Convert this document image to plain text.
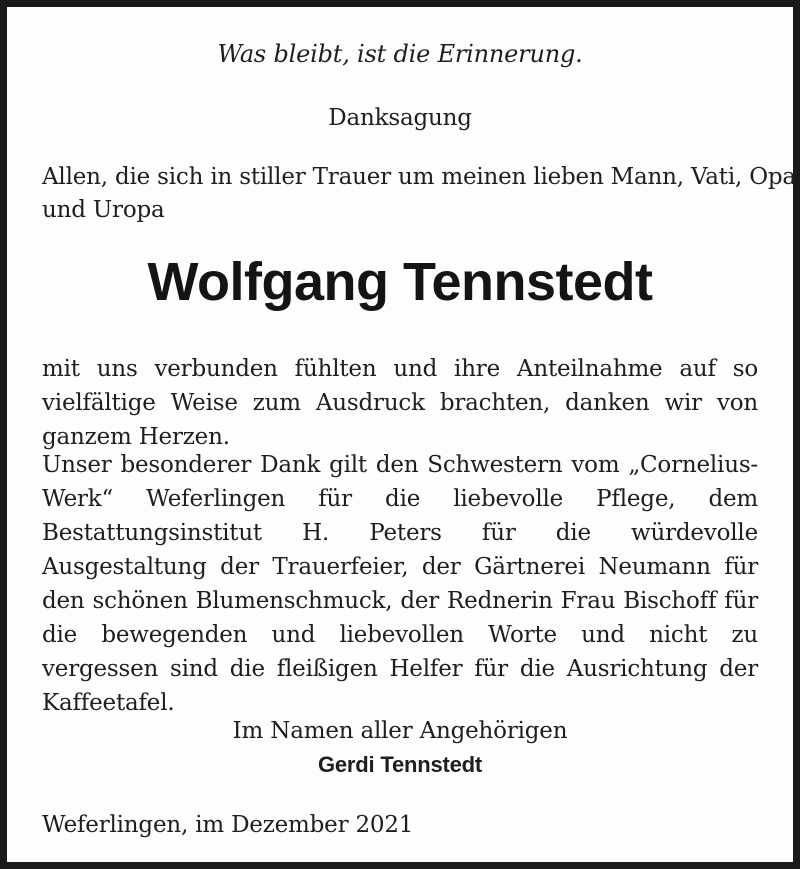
Was bleibt, ist die Erinnerung.
Danksagung
Allen, die sich in stiller Trauer um meinen lieben Mann, Vati, Opa
und Uropa
Wolfgang Tennstedt
mit uns verbunden fühlten und ihre Anteilnahme auf so vielfältige Weise zum Ausdruck brachten, danken wir von ganzem Herzen.
Unser besonderer Dank gilt den Schwestern vom „Cornelius-Werk“ Weferlingen für die liebevolle Pflege, dem Bestattungsinstitut H. Peters für die würdevolle Ausgestaltung der Trauerfeier, der Gärtnerei Neumann für den schönen Blumenschmuck, der Rednerin Frau Bischoff für die bewegenden und liebevollen Worte und nicht zu vergessen sind die fleißigen Helfer für die Ausrichtung der Kaffeetafel.
Im Namen aller Angehörigen
Gerdi Tennstedt
Weferlingen, im Dezember 2021
